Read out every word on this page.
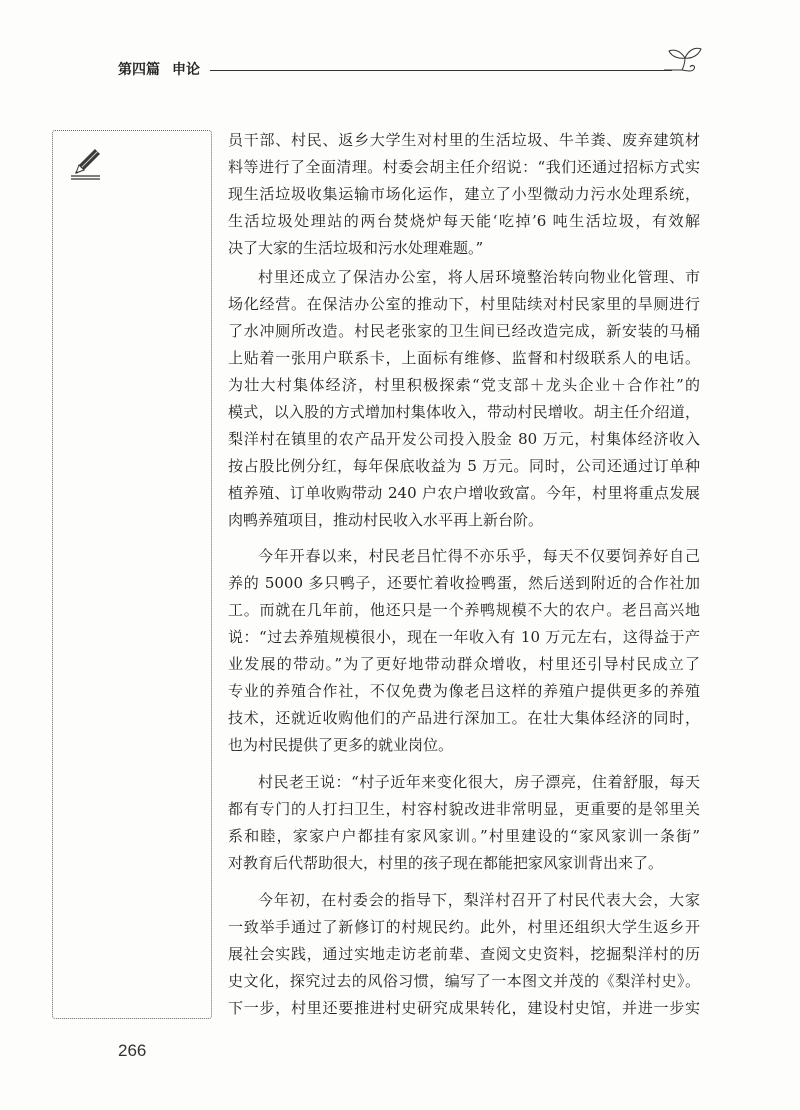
第四篇 申论
员干部、村民、返乡大学生对村里的生活垃圾、牛羊粪、废弃建筑材
料等进行了全面清理。村委会胡主任介绍说：“我们还通过招标方式实
现生活垃圾收集运输市场化运作，建立了小型微动力污水处理系统，
生活垃圾处理站的两台焚烧炉每天能‘吃掉’6 吨生活垃圾，有效解
决了大家的生活垃圾和污水处理难题。”
村里还成立了保洁办公室，将人居环境整治转向物业化管理、市
场化经营。在保洁办公室的推动下，村里陆续对村民家里的旱厕进行
了水冲厕所改造。村民老张家的卫生间已经改造完成，新安装的马桶
上贴着一张用户联系卡，上面标有维修、监督和村级联系人的电话。
为壮大村集体经济，村里积极探索“党支部＋龙头企业＋合作社”的
模式，以入股的方式增加村集体收入，带动村民增收。胡主任介绍道，
梨洋村在镇里的农产品开发公司投入股金 80 万元，村集体经济收入
按占股比例分红，每年保底收益为 5 万元。同时，公司还通过订单种
植养殖、订单收购带动 240 户农户增收致富。今年，村里将重点发展
肉鸭养殖项目，推动村民收入水平再上新台阶。
今年开春以来，村民老吕忙得不亦乐乎，每天不仅要饲养好自己
养的 5000 多只鸭子，还要忙着收捡鸭蛋，然后送到附近的合作社加
工。而就在几年前，他还只是一个养鸭规模不大的农户。老吕高兴地
说：“过去养殖规模很小，现在一年收入有 10 万元左右，这得益于产
业发展的带动。”为了更好地带动群众增收，村里还引导村民成立了
专业的养殖合作社，不仅免费为像老吕这样的养殖户提供更多的养殖
技术，还就近收购他们的产品进行深加工。在壮大集体经济的同时，
也为村民提供了更多的就业岗位。
村民老王说：“村子近年来变化很大，房子漂亮，住着舒服，每天
都有专门的人打扫卫生，村容村貌改进非常明显，更重要的是邻里关
系和睦，家家户户都挂有家风家训。”村里建设的“家风家训一条街”
对教育后代帮助很大，村里的孩子现在都能把家风家训背出来了。
今年初，在村委会的指导下，梨洋村召开了村民代表大会，大家
一致举手通过了新修订的村规民约。此外，村里还组织大学生返乡开
展社会实践，通过实地走访老前辈、查阅文史资料，挖掘梨洋村的历
史文化，探究过去的风俗习惯，编写了一本图文并茂的《梨洋村史》。
下一步，村里还要推进村史研究成果转化，建设村史馆，并进一步实
266
